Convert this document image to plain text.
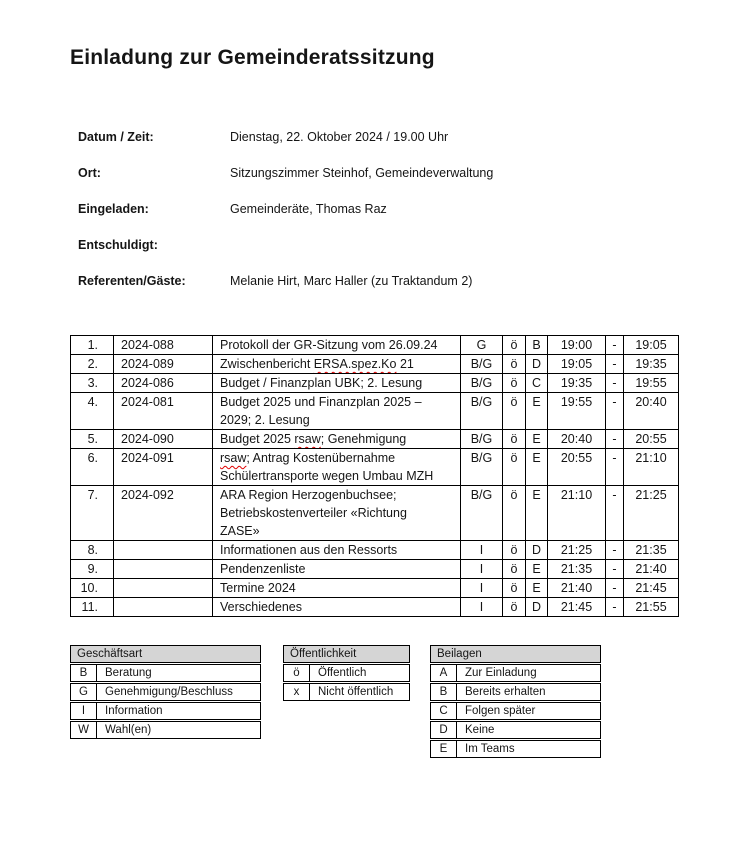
Einladung zur Gemeinderatssitzung
Datum / Zeit:	Dienstag, 22. Oktober 2024 / 19.00 Uhr
Ort:	Sitzungszimmer Steinhof, Gemeindeverwaltung
Eingeladen:	Gemeinderäte, Thomas Raz
Entschuldigt:
Referenten/Gäste:	Melanie Hirt, Marc Haller (zu Traktandum 2)
1.	2024-088	Protokoll der GR-Sitzung vom 26.09.24	G	ö	B	19:00	-	19:05
2.	2024-089	Zwischenbericht ERSA.spez.Ko 21	B/G	ö	D	19:05	-	19:35
3.	2024-086	Budget / Finanzplan UBK; 2. Lesung	B/G	ö	C	19:35	-	19:55
4.	2024-081	Budget 2025 und Finanzplan 2025 –
2029; 2. Lesung	B/G	ö	E	19:55	-	20:40
5.	2024-090	Budget 2025 rsaw; Genehmigung	B/G	ö	E	20:40	-	20:55
6.	2024-091	rsaw; Antrag Kostenübernahme
Schülertransporte wegen Umbau MZH	B/G	ö	E	20:55	-	21:10
7.	2024-092	ARA Region Herzogenbuchsee;
Betriebskostenverteiler «Richtung
ZASE»	B/G	ö	E	21:10	-	21:25
8.		Informationen aus den Ressorts	I	ö	D	21:25	-	21:35
9.		Pendenzenliste	I	ö	E	21:35	-	21:40
10.		Termine 2024	I	ö	E	21:40	-	21:45
11.		Verschiedenes	I	ö	D	21:45	-	21:55
Geschäftsart
B	Beratung
G	Genehmigung/Beschluss
I	Information
W	Wahl(en)
Öffentlichkeit
ö	Öffentlich
x	Nicht öffentlich
Beilagen
A	Zur Einladung
B	Bereits erhalten
C	Folgen später
D	Keine
E	Im Teams
